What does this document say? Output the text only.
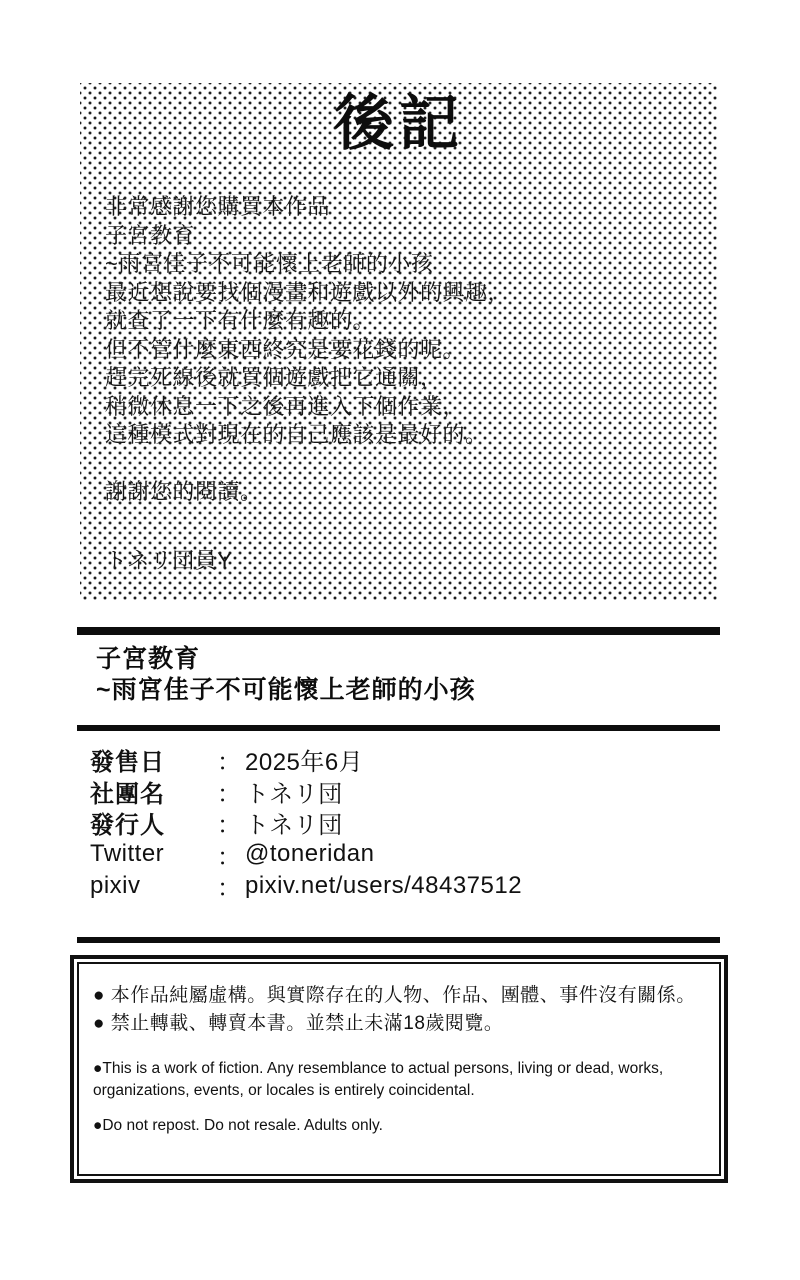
後記
非常感謝您購買本作品
子宮教育
~雨宮佳子不可能懷上老師的小孩
最近想說要找個漫畫和遊戲以外的興趣，
就查了一下有什麼有趣的。
但不管什麼東西終究是要花錢的呢。
趕完死線後就買個遊戲把它通關，
稍微休息一下之後再進入下個作業，
這種模式對現在的自己應該是最好的。

謝謝您的閱讀。

トネリ団員Y
子宮教育
~雨宮佳子不可能懷上老師的小孩
發售日	： 2025年6月
社團名	： トネリ団
發行人	： トネリ団
Twitter	： @toneridan
pixiv	： pixiv.net/users/48437512
● 本作品純屬虛構。與實際存在的人物、作品、團體、事件沒有關係。
● 禁止轉載、轉賣本書。並禁止未滿18歲閱覽。
●This is a work of fiction. Any resemblance to actual persons, living or dead, works, organizations, events, or locales is entirely coincidental.
●Do not repost. Do not resale. Adults only.
